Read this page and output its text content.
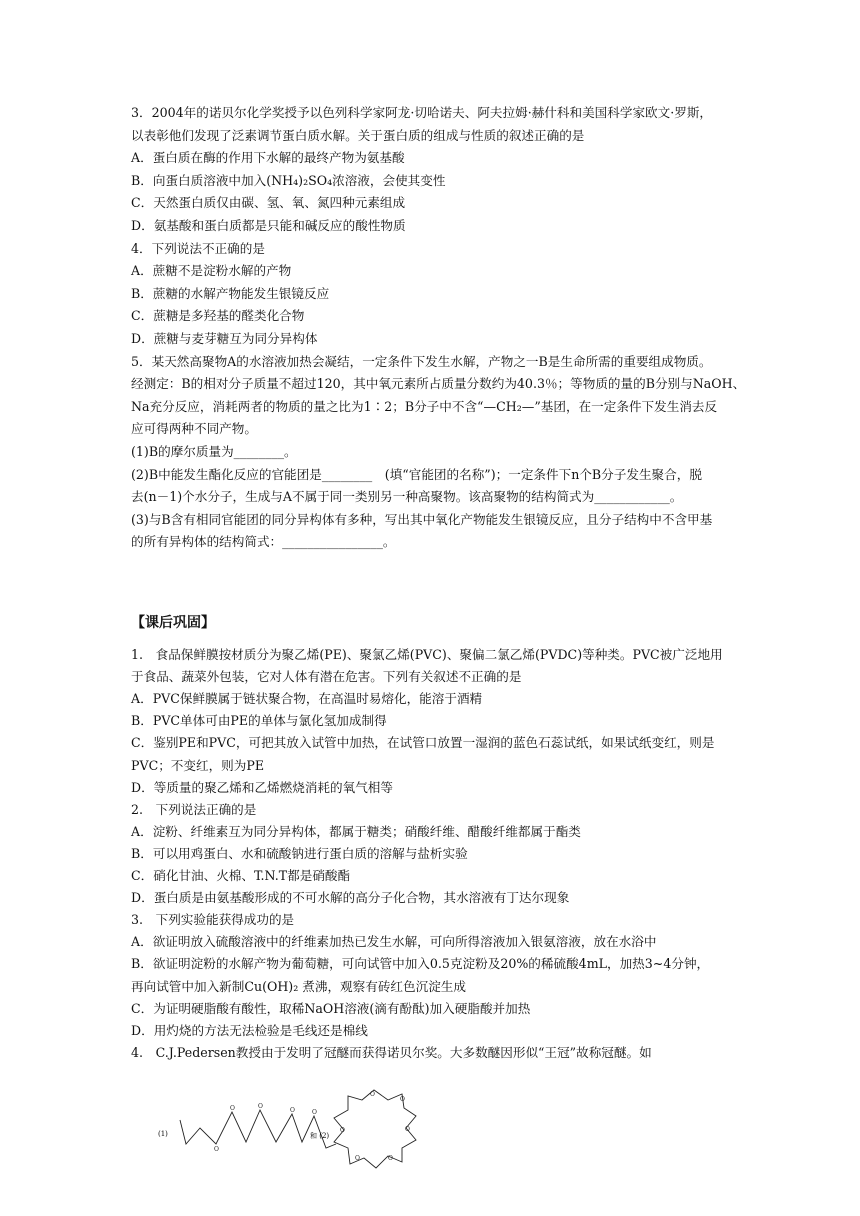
3．2004年的诺贝尔化学奖授予以色列科学家阿龙·切哈诺夫、阿夫拉姆·赫什科和美国科学家欧文·罗斯，
以表彰他们发现了泛素调节蛋白质水解。关于蛋白质的组成与性质的叙述正确的是
A．蛋白质在酶的作用下水解的最终产物为氨基酸
B．向蛋白质溶液中加入(NH₄)₂SO₄浓溶液，会使其变性
C．天然蛋白质仅由碳、氢、氧、氮四种元素组成
D．氨基酸和蛋白质都是只能和碱反应的酸性物质
4．下列说法不正确的是
A．蔗糖不是淀粉水解的产物
B．蔗糖的水解产物能发生银镜反应
C．蔗糖是多羟基的醛类化合物
D．蔗糖与麦芽糖互为同分异构体
5．某天然高聚物A的水溶液加热会凝结，一定条件下发生水解，产物之一B是生命所需的重要组成物质。
经测定：B的相对分子质量不超过120，其中氧元素所占质量分数约为40.3％；等物质的量的B分别与NaOH、
Na充分反应，消耗两者的物质的量之比为1∶2；B分子中不含“—CH₂—”基团，在一定条件下发生消去反
应可得两种不同产物。
(1)B的摩尔质量为________。
(2)B中能发生酯化反应的官能团是________　(填“官能团的名称”)；一定条件下n个B分子发生聚合，脱
去(n－1)个水分子，生成与A不属于同一类别另一种高聚物。该高聚物的结构简式为____________。
(3)与B含有相同官能团的同分异构体有多种，写出其中氧化产物能发生银镜反应，且分子结构中不含甲基
的所有异构体的结构简式：________________。
【课后巩固】
1.　食品保鲜膜按材质分为聚乙烯(PE)、聚氯乙烯(PVC)、聚偏二氯乙烯(PVDC)等种类。PVC被广泛地用
于食品、蔬菜外包装，它对人体有潜在危害。下列有关叙述不正确的是
A．PVC保鲜膜属于链状聚合物，在高温时易熔化，能溶于酒精
B．PVC单体可由PE的单体与氯化氢加成制得
C．鉴别PE和PVC，可把其放入试管中加热，在试管口放置一湿润的蓝色石蕊试纸，如果试纸变红，则是
PVC；不变红，则为PE
D．等质量的聚乙烯和乙烯燃烧消耗的氧气相等
2.　下列说法正确的是
A．淀粉、纤维素互为同分异构体，都属于糖类；硝酸纤维、醋酸纤维都属于酯类
B．可以用鸡蛋白、水和硫酸钠进行蛋白质的溶解与盐析实验
C．硝化甘油、火棉、T.N.T都是硝酸酯
D．蛋白质是由氨基酸形成的不可水解的高分子化合物，其水溶液有丁达尔现象
3.　下列实验能获得成功的是
A．欲证明放入硫酸溶液中的纤维素加热已发生水解，可向所得溶液加入银氨溶液，放在水浴中
B．欲证明淀粉的水解产物为葡萄糖，可向试管中加入0.5克淀粉及20%的稀硫酸4mL，加热3~4分钟，
再向试管中加入新制Cu(OH)₂ 煮沸，观察有砖红色沉淀生成
C．为证明硬脂酸有酸性，取稀NaOH溶液(滴有酚酞)加入硬脂酸并加热
D．用灼烧的方法无法检验是毛线还是棉线
4.　C.J.Pedersen教授由于发明了冠醚而获得诺贝尔奖。大多数醚因形似“王冠”故称冠醚。如
(1)
O	O
O	O
O
和 (2)
O
O
O
O
O
O
